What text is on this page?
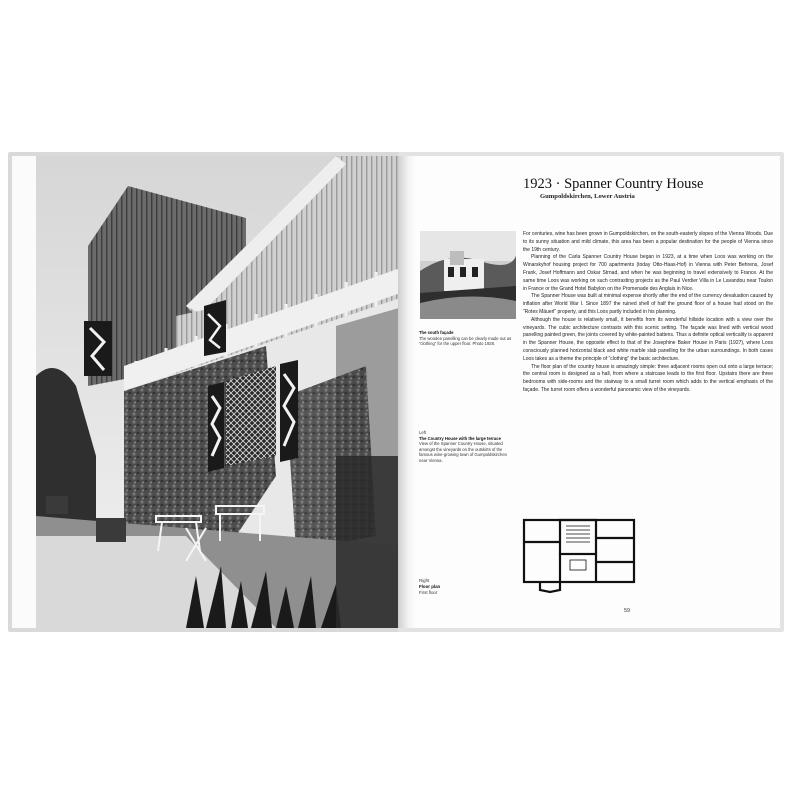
1923 · Spanner Country House
Gumpoldskirchen, Lower Austria
The south façade
The wooden panelling can be clearly made out as “clothing” for the upper floor. Photo 1928.
Left
The Country House with the large terrace
View of the Spanner Country House, situated amongst the vineyards on the outskirts of the famous wine-growing town of Gumpoldskirchen near Vienna.

For centuries, wine has been grown in Gumpoldskirchen, on the south-easterly slopes of the Vienna Woods. Due to its sunny situation and mild climate, this area has been a popular destination for the people of Vienna since the 19th century.

Planning of the Carla Spanner Country House began in 1923, at a time when Loos was working on the Winarskyhof housing project for 700 apartments (today Otto-Haas-Hof) in Vienna with Peter Behrens, Josef Frank, Josef Hoffmann and Oskar Strnad, and when he was beginning to travel extensively to France. At the same time Loos was working on such contrasting projects as the Paul Verdier Villa in Le Lavandou near Toulon in France or the Grand Hotel Babylon on the Promenade des Anglais in Nice.

The Spanner House was built at minimal expense shortly after the end of the currency devaluation caused by inflation after World War I. Since 1897 the ruined shell of half the ground floor of a house had stood on the “Rotes Mäuerl” property, and this Loos partly included in his planning.

Although the house is relatively small, it benefits from its wonderful hillside location with a view over the vineyards. The cubic architecture contrasts with this scenic setting. The façade was lined with vertical wood panelling painted green, the joints covered by white-painted battens. Thus a definite optical verticality is apparent in the Spanner House, the opposite effect to that of the Josephine Baker House in Paris (1927), where Loos consciously planned horizontal black and white marble slab panelling for the urban surroundings. In both cases Loos takes as a theme the principle of “clothing” the basic architecture.

The floor plan of the country house is amazingly simple: three adjacent rooms open out onto a large terrace; the central room is designed as a hall, from where a staircase leads to the first floor. Upstairs there are three bedrooms with side-rooms and the stairway to a small turret room which adds to the vertical emphasis of the façade. The turret room offers a wonderful panoramic view of the vineyards.

Right

Floor plan
First floor
59
